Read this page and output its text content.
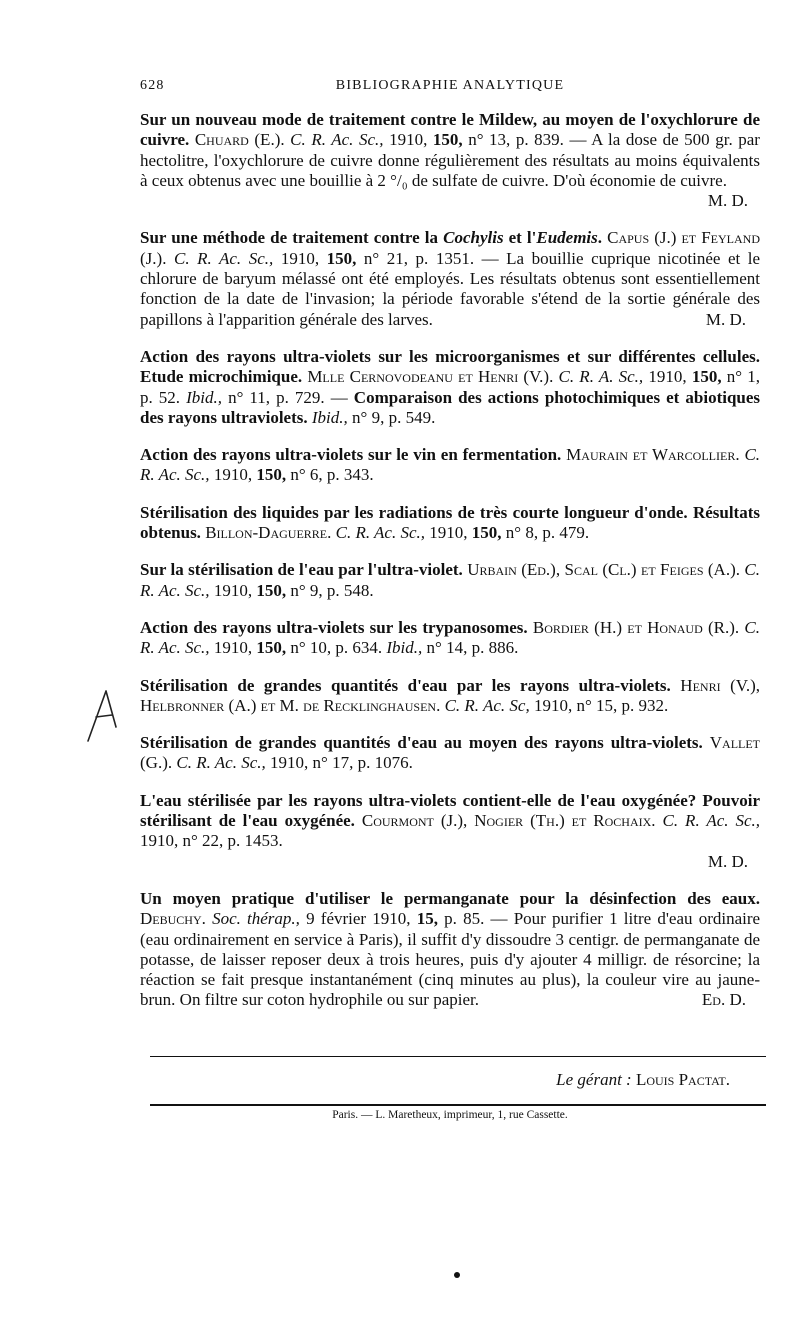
628	BIBLIOGRAPHIE ANALYTIQUE

Sur un nouveau mode de traitement contre le Mildew, au moyen de l'oxychlorure de cuivre. Chuard (E.). C. R. Ac. Sc., 1910, 150, n° 13, p. 839. — A la dose de 500 gr. par hectolitre, l'oxychlorure de cuivre donne régulièrement des résultats au moins équivalents à ceux obtenus avec une bouillie à 2 °/₀ de sulfate de cuivre. D'où économie de cuivre.
M. D.

Sur une méthode de traitement contre la Cochylis et l'Eudemis. Capus (J.) et Feyland (J.). C. R. Ac. Sc., 1910, 150, n° 21, p. 1351. — La bouillie cuprique nicotinée et le chlorure de baryum mélassé ont été employés. Les résultats obtenus sont essentiellement fonction de la date de l'invasion; la période favorable s'étend de la sortie générale des papillons à l'apparition générale des larves.	M. D.

Action des rayons ultra-violets sur les microorganismes et sur différentes cellules. Etude microchimique. Mlle Cernovodeanu et Henri (V.). C. R. A. Sc., 1910, 150, n° 1, p. 52. Ibid., n° 11, p. 729. — Comparaison des actions photochimiques et abiotiques des rayons ultraviolets. Ibid., n° 9, p. 549.

Action des rayons ultra-violets sur le vin en fermentation. Maurain et Warcollier. C. R. Ac. Sc., 1910, 150, n° 6, p. 343.

Stérilisation des liquides par les radiations de très courte longueur d'onde. Résultats obtenus. Billon-Daguerre. C. R. Ac. Sc., 1910, 150, n° 8, p. 479.

Sur la stérilisation de l'eau par l'ultra-violet. Urbain (Ed.), Scal (Cl.) et Feiges (A.). C. R. Ac. Sc., 1910, 150, n° 9, p. 548.

Action des rayons ultra-violets sur les trypanosomes. Bordier (H.) et Honaud (R.). C. R. Ac. Sc., 1910, 150, n° 10, p. 634. Ibid., n° 14, p. 886.

Stérilisation de grandes quantités d'eau par les rayons ultra-violets. Henri (V.), Helbronner (A.) et M. de Recklinghausen. C. R. Ac. Sc, 1910, n° 15, p. 932.

Stérilisation de grandes quantités d'eau au moyen des rayons ultra-violets. Vallet (G.). C. R. Ac. Sc., 1910, n° 17, p. 1076.

L'eau stérilisée par les rayons ultra-violets contient-elle de l'eau oxygénée? Pouvoir stérilisant de l'eau oxygénée. Courmont (J.), Nogier (Th.) et Rochaix. C. R. Ac. Sc., 1910, n° 22, p. 1453.
M. D.

Un moyen pratique d'utiliser le permanganate pour la désinfection des eaux. Debuchy. Soc. thérap., 9 février 1910, 15, p. 85. — Pour purifier 1 litre d'eau ordinaire (eau ordinairement en service à Paris), il suffit d'y dissoudre 3 centigr. de permanganate de potasse, de laisser reposer deux à trois heures, puis d'y ajouter 4 milligr. de résorcine; la réaction se fait presque instantanément (cinq minutes au plus), la couleur vire au jaune-brun. On filtre sur coton hydrophile ou sur papier.	Ed. D.

Le gérant : Louis Pactat.
Paris. — L. Maretheux, imprimeur, 1, rue Cassette.
